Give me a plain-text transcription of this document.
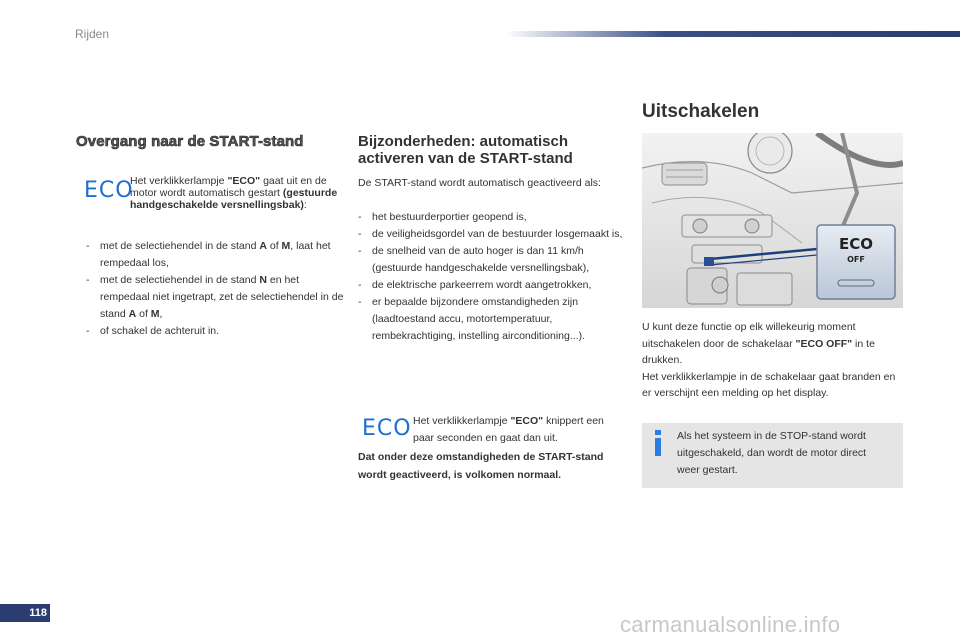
Rijden
Overgang naar de START-stand
ECO
Het verklikkerlampje "ECO" gaat uit en de motor wordt automatisch gestart (gestuurde handgeschakelde versnellingsbak):
- met de selectiehendel in de stand A of M, laat het rempedaal los,
- met de selectiehendel in de stand N en het rempedaal niet ingetrapt, zet de selectiehendel in de stand A of M,
- of schakel de achteruit in.
Bijzonderheden: automatisch activeren van de START-stand
De START-stand wordt automatisch geactiveerd als:
- het bestuurderportier geopend is,
- de veiligheidsgordel van de bestuurder losgemaakt is,
- de snelheid van de auto hoger is dan 11 km/h (gestuurde handgeschakelde versnellingsbak),
- de elektrische parkeerrem wordt aangetrokken,
- er bepaalde bijzondere omstandigheden zijn (laadtoestand accu, motortemperatuur, rembekrachtiging, instelling airconditioning...).
ECO Het verklikkerlampje "ECO" knippert een paar seconden en gaat dan uit.
Dat onder deze omstandigheden de START-stand wordt geactiveerd, is volkomen normaal.
Uitschakelen
ECO
OFF
U kunt deze functie op elk willekeurig moment uitschakelen door de schakelaar "ECO OFF" in te drukken.
Het verklikkerlampje in de schakelaar gaat branden en er verschijnt een melding op het display.
Als het systeem in de STOP-stand wordt uitgeschakeld, dan wordt de motor direct weer gestart.
118	carmanualsonline.info
